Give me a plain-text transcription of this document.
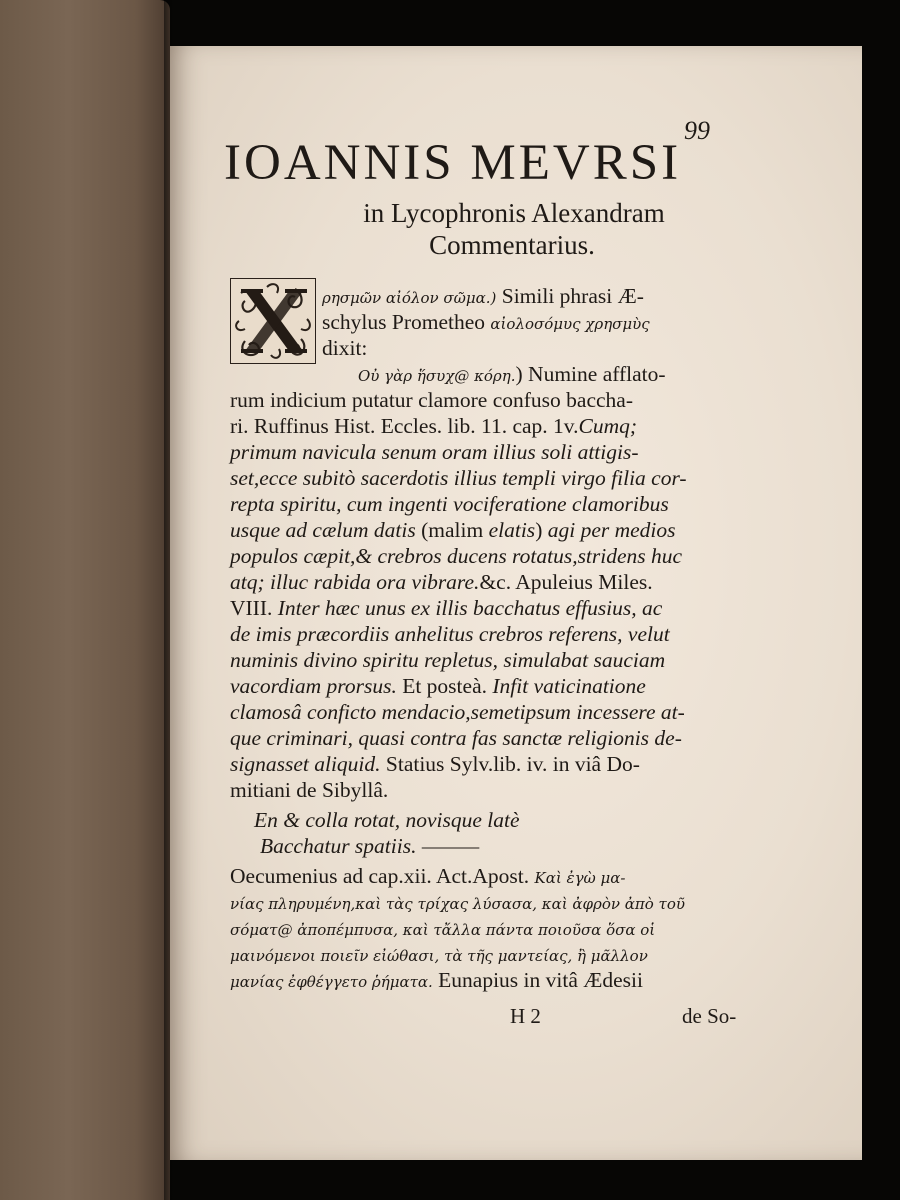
99
IOANNIS MEVRSI
in Lycophronis Alexandram
Commentarius.
ρησμῶν αἰόλον σῶμα.) Simili phrasi Æ-
schylus Prometheo αἰολοσόμυς χρησμὺς
dixit:
Οὐ γὰρ ἥσυχ@ κόρη.) Numine afflato-
rum indicium putatur clamore confuso baccha-
ri. Ruffinus Hist. Eccles. lib. 11. cap. 1v.Cumq;
primum navicula senum oram illius soli attigis-
set,ecce subitò sacerdotis illius templi virgo filia cor-
repta spiritu, cum ingenti vociferatione clamoribus
usque ad cælum datis (malim elatis) agi per medios
populos cæpit,& crebros ducens rotatus,stridens huc
atq; illuc rabida ora vibrare.&c. Apuleius Miles.
VIII. Inter hæc unus ex illis bacchatus effusius, ac
de imis præcordiis anhelitus crebros referens, velut
numinis divino spiritu repletus, simulabat sauciam
vacordiam prorsus. Et posteà. Infit vaticinatione
clamosâ conficto mendacio,semetipsum incessere at-
que criminari, quasi contra fas sanctæ religionis de-
signasset aliquid. Statius Sylv.lib. iv. in viâ Do-
mitiani de Sibyllâ.
En & colla rotat, novisque latè
Bacchatur spatiis. ———
Oecumenius ad cap.xii. Act.Apost. Καὶ ἐγὼ μα-
νίας πληρυμένη,καὶ τὰς τρίχας λύσασα, καὶ ἀφρὸν ἀπὸ τοῦ
σόματ@ ἀποπέμπυσα, καὶ τἄλλα πάντα ποιοῦσα ὅσα οἱ
μαινόμενοι ποιεῖν εἰώθασι, τὰ τῆς μαντείας, ἢ μᾶλλον
μανίας ἐφθέγγετο ῥήματα. Eunapius in vitâ Ædesii
H 2	de So-
